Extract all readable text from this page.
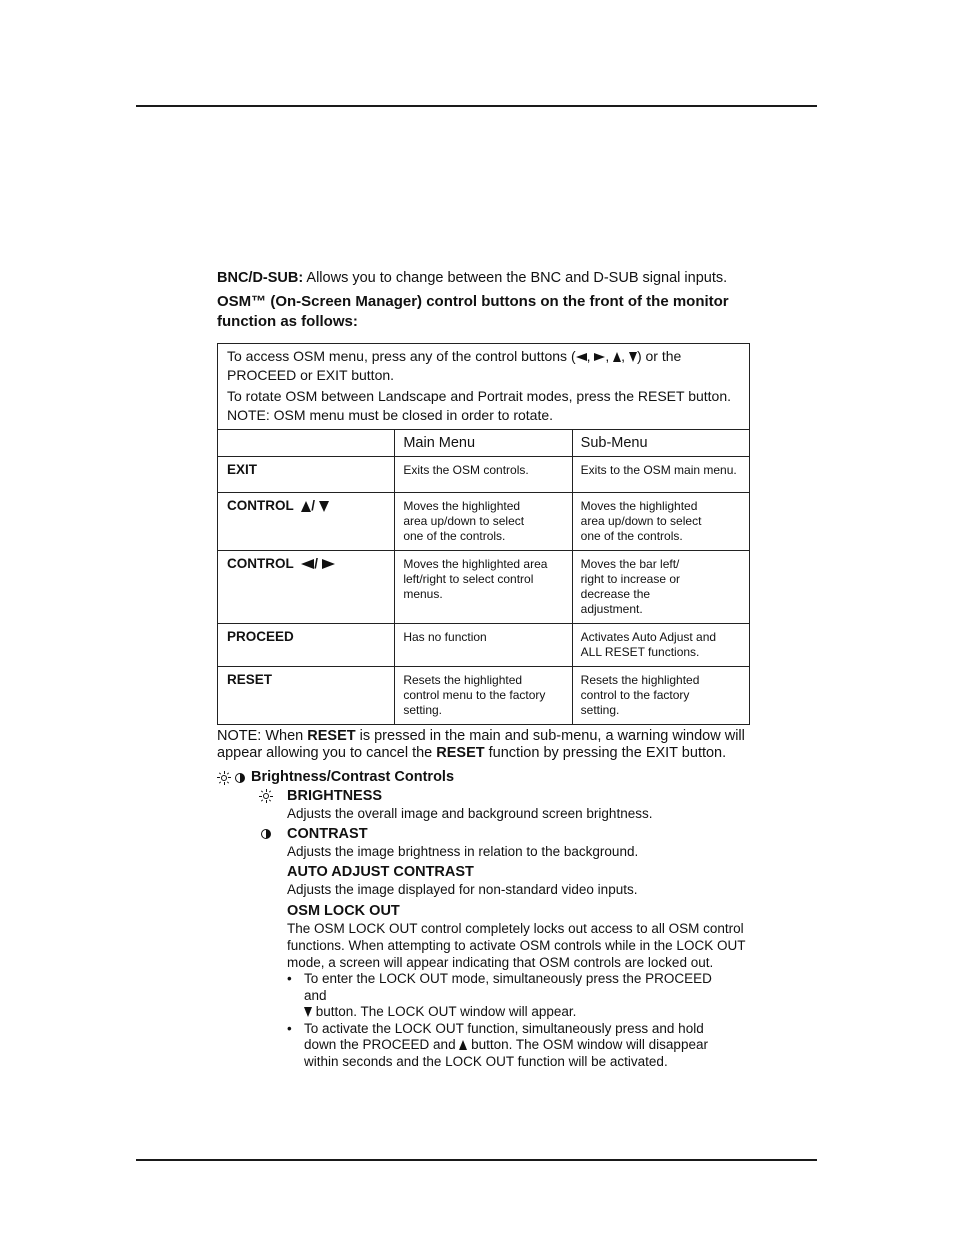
BNC/D-SUB: Allows you to change between the BNC and D-SUB signal inputs.

OSM™ (On-Screen Manager) control buttons on the front of the monitor function as follows:

To access OSM menu, press any of the control buttons ( , , , ) or the
PROCEED or EXIT button.

To rotate OSM between Landscape and Portrait modes, press the RESET button.

NOTE: OSM menu must be closed in order to rotate.		

	Main Menu	Sub-Menu

EXIT	Exits the OSM controls.	Exits to the OSM main menu.
CONTROL /	Moves the highlighted area up/down to select one of the controls.	Moves the highlighted area up/down to select one of the controls.

CONTROL /	Moves the highlighted area left/right to select control menus.	Moves the bar left/ right to increase or decrease the adjustment.

PROCEED	Has no function	Activates Auto Adjust and ALL RESET functions.

RESET	Resets the highlighted control menu to the factory setting.	Resets the highlighted control to the factory setting.

NOTE: When RESET is pressed in the main and sub-menu, a warning window will appear allowing you to cancel the RESET function by pressing the EXIT button.

Brightness/Contrast Controls
BRIGHTNESS
Adjusts the overall image and background screen brightness.
CONTRAST
Adjusts the image brightness in relation to the background.
AUTO ADJUST CONTRAST
Adjusts the image displayed for non-standard video inputs.
OSM LOCK OUT
The OSM LOCK OUT control completely locks out access to all OSM control functions. When attempting to activate OSM controls while in the LOCK OUT mode, a screen will appear indicating that OSM controls are locked out.
• To enter the LOCK OUT mode, simultaneously press the PROCEED and
button. The LOCK OUT window will appear.
• To activate the LOCK OUT function, simultaneously press and hold down the PROCEED and  button. The OSM window will disappear within seconds and the LOCK OUT function will be activated.
